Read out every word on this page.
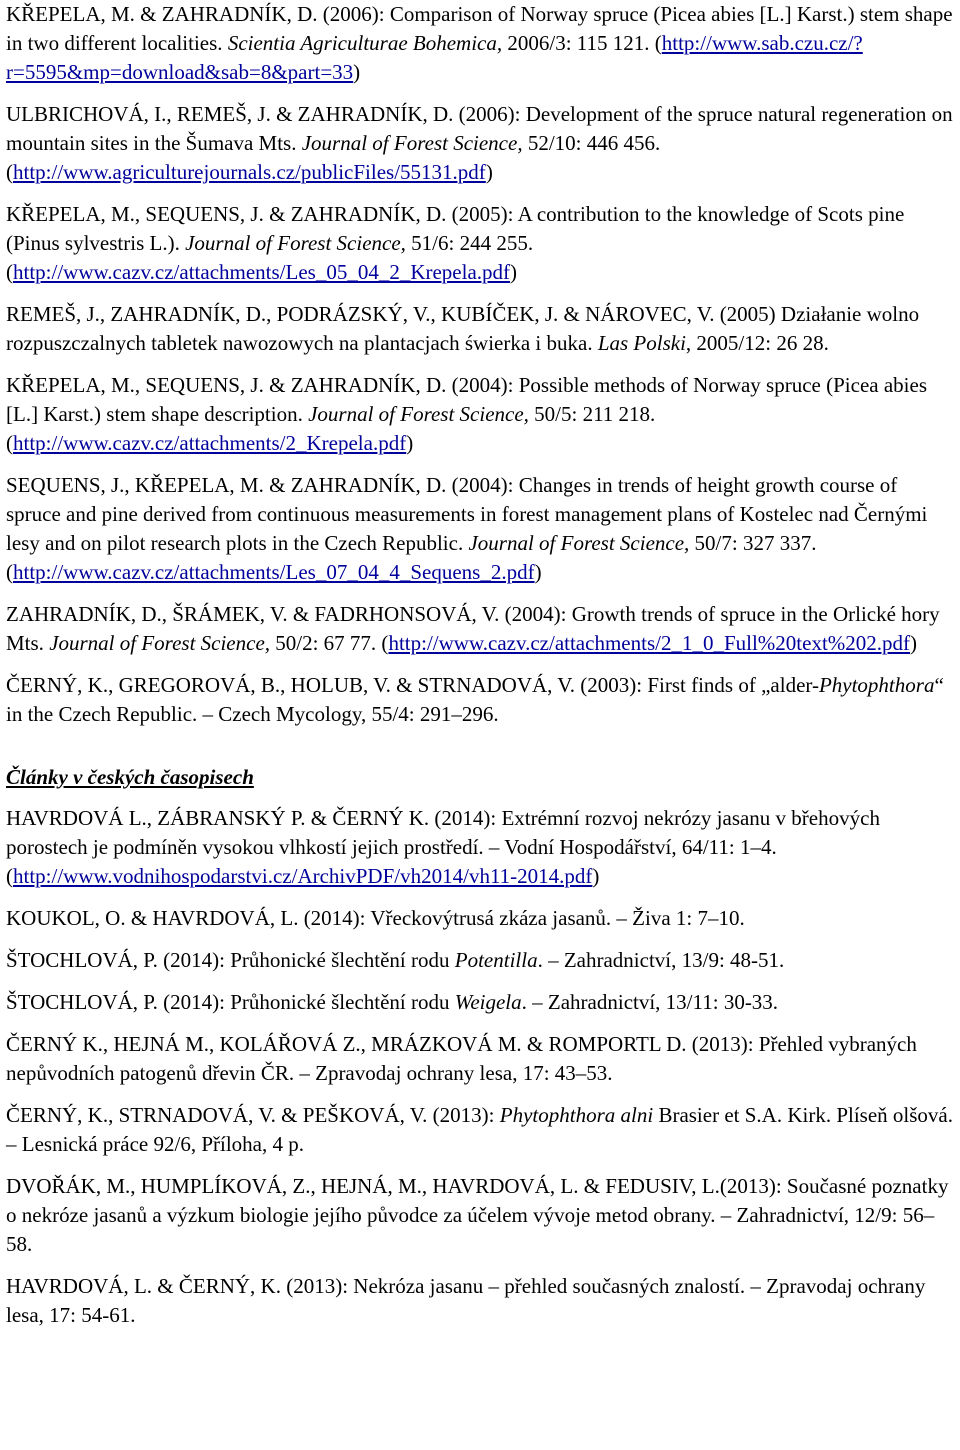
KŘEPELA, M. & ZAHRADNÍK, D. (2006): Comparison of Norway spruce (Picea abies [L.] Karst.) stem shape in two different localities. Scientia Agriculturae Bohemica, 2006/3: 115 121. (http://www.sab.czu.cz/?r=5595&mp=download&sab=8&part=33)
ULBRICHOVÁ, I., REMEŠ, J. & ZAHRADNÍK, D. (2006): Development of the spruce natural regeneration on mountain sites in the Šumava Mts. Journal of Forest Science, 52/10: 446 456. (http://www.agriculturejournals.cz/publicFiles/55131.pdf)
KŘEPELA, M., SEQUENS, J. & ZAHRADNÍK, D. (2005): A contribution to the knowledge of Scots pine (Pinus sylvestris L.). Journal of Forest Science, 51/6: 244 255. (http://www.cazv.cz/attachments/Les_05_04_2_Krepela.pdf)
REMEŠ, J., ZAHRADNÍK, D., PODRÁZSKÝ, V., KUBÍČEK, J. & NÁROVEC, V. (2005) Działanie wolno rozpuszczalnych tabletek nawozowych na plantacjach świerka i buka. Las Polski, 2005/12: 26 28.
KŘEPELA, M., SEQUENS, J. & ZAHRADNÍK, D. (2004): Possible methods of Norway spruce (Picea abies [L.] Karst.) stem shape description. Journal of Forest Science, 50/5: 211 218. (http://www.cazv.cz/attachments/2_Krepela.pdf)
SEQUENS, J., KŘEPELA, M. & ZAHRADNÍK, D. (2004): Changes in trends of height growth course of spruce and pine derived from continuous measurements in forest management plans of Kostelec nad Černými lesy and on pilot research plots in the Czech Republic. Journal of Forest Science, 50/7: 327 337. (http://www.cazv.cz/attachments/Les_07_04_4_Sequens_2.pdf)
ZAHRADNÍK, D., ŠRÁMEK, V. & FADRHONSOVÁ, V. (2004): Growth trends of spruce in the Orlické hory Mts. Journal of Forest Science, 50/2: 67 77. (http://www.cazv.cz/attachments/2_1_0_Full%20text%202.pdf)
ČERNÝ, K., GREGOROVÁ, B., HOLUB, V. & STRNADOVÁ, V. (2003): First finds of „alder-Phytophthora“ in the Czech Republic. – Czech Mycology, 55/4: 291–296.
Články v českých časopisech
HAVRDOVÁ L., ZÁBRANSKÝ P. & ČERNÝ K. (2014): Extrémní rozvoj nekrózy jasanu v břehových porostech je podmíněn vysokou vlhkostí jejich prostředí. – Vodní Hospodářství, 64/11: 1–4. (http://www.vodnihospodarstvi.cz/ArchivPDF/vh2014/vh11-2014.pdf)
KOUKOL, O. & HAVRDOVÁ, L. (2014): Vřeckovýtrusá zkáza jasanů. – Živa 1: 7–10.
ŠTOCHLOVÁ, P. (2014): Průhonické šlechtění rodu Potentilla. – Zahradnictví, 13/9: 48-51.
ŠTOCHLOVÁ, P. (2014): Průhonické šlechtění rodu Weigela. – Zahradnictví, 13/11: 30-33.
ČERNÝ K., HEJNÁ M., KOLÁŘOVÁ Z., MRÁZKOVÁ M. & ROMPORTL D. (2013): Přehled vybraných nepůvodních patogenů dřevin ČR. – Zpravodaj ochrany lesa, 17: 43–53.
ČERNÝ, K., STRNADOVÁ, V. & PEŠKOVÁ, V. (2013): Phytophthora alni Brasier et S.A. Kirk. Plíseň olšová. – Lesnická práce 92/6, Příloha, 4 p.
DVOŘÁK, M., HUMPLÍKOVÁ, Z., HEJNÁ, M., HAVRDOVÁ, L. & FEDUSIV, L.(2013): Současné poznatky o nekróze jasanů a výzkum biologie jejího původce za účelem vývoje metod obrany. – Zahradnictví, 12/9: 56–58.
HAVRDOVÁ, L. & ČERNÝ, K. (2013): Nekróza jasanu – přehled současných znalostí. – Zpravodaj ochrany lesa, 17: 54-61.
